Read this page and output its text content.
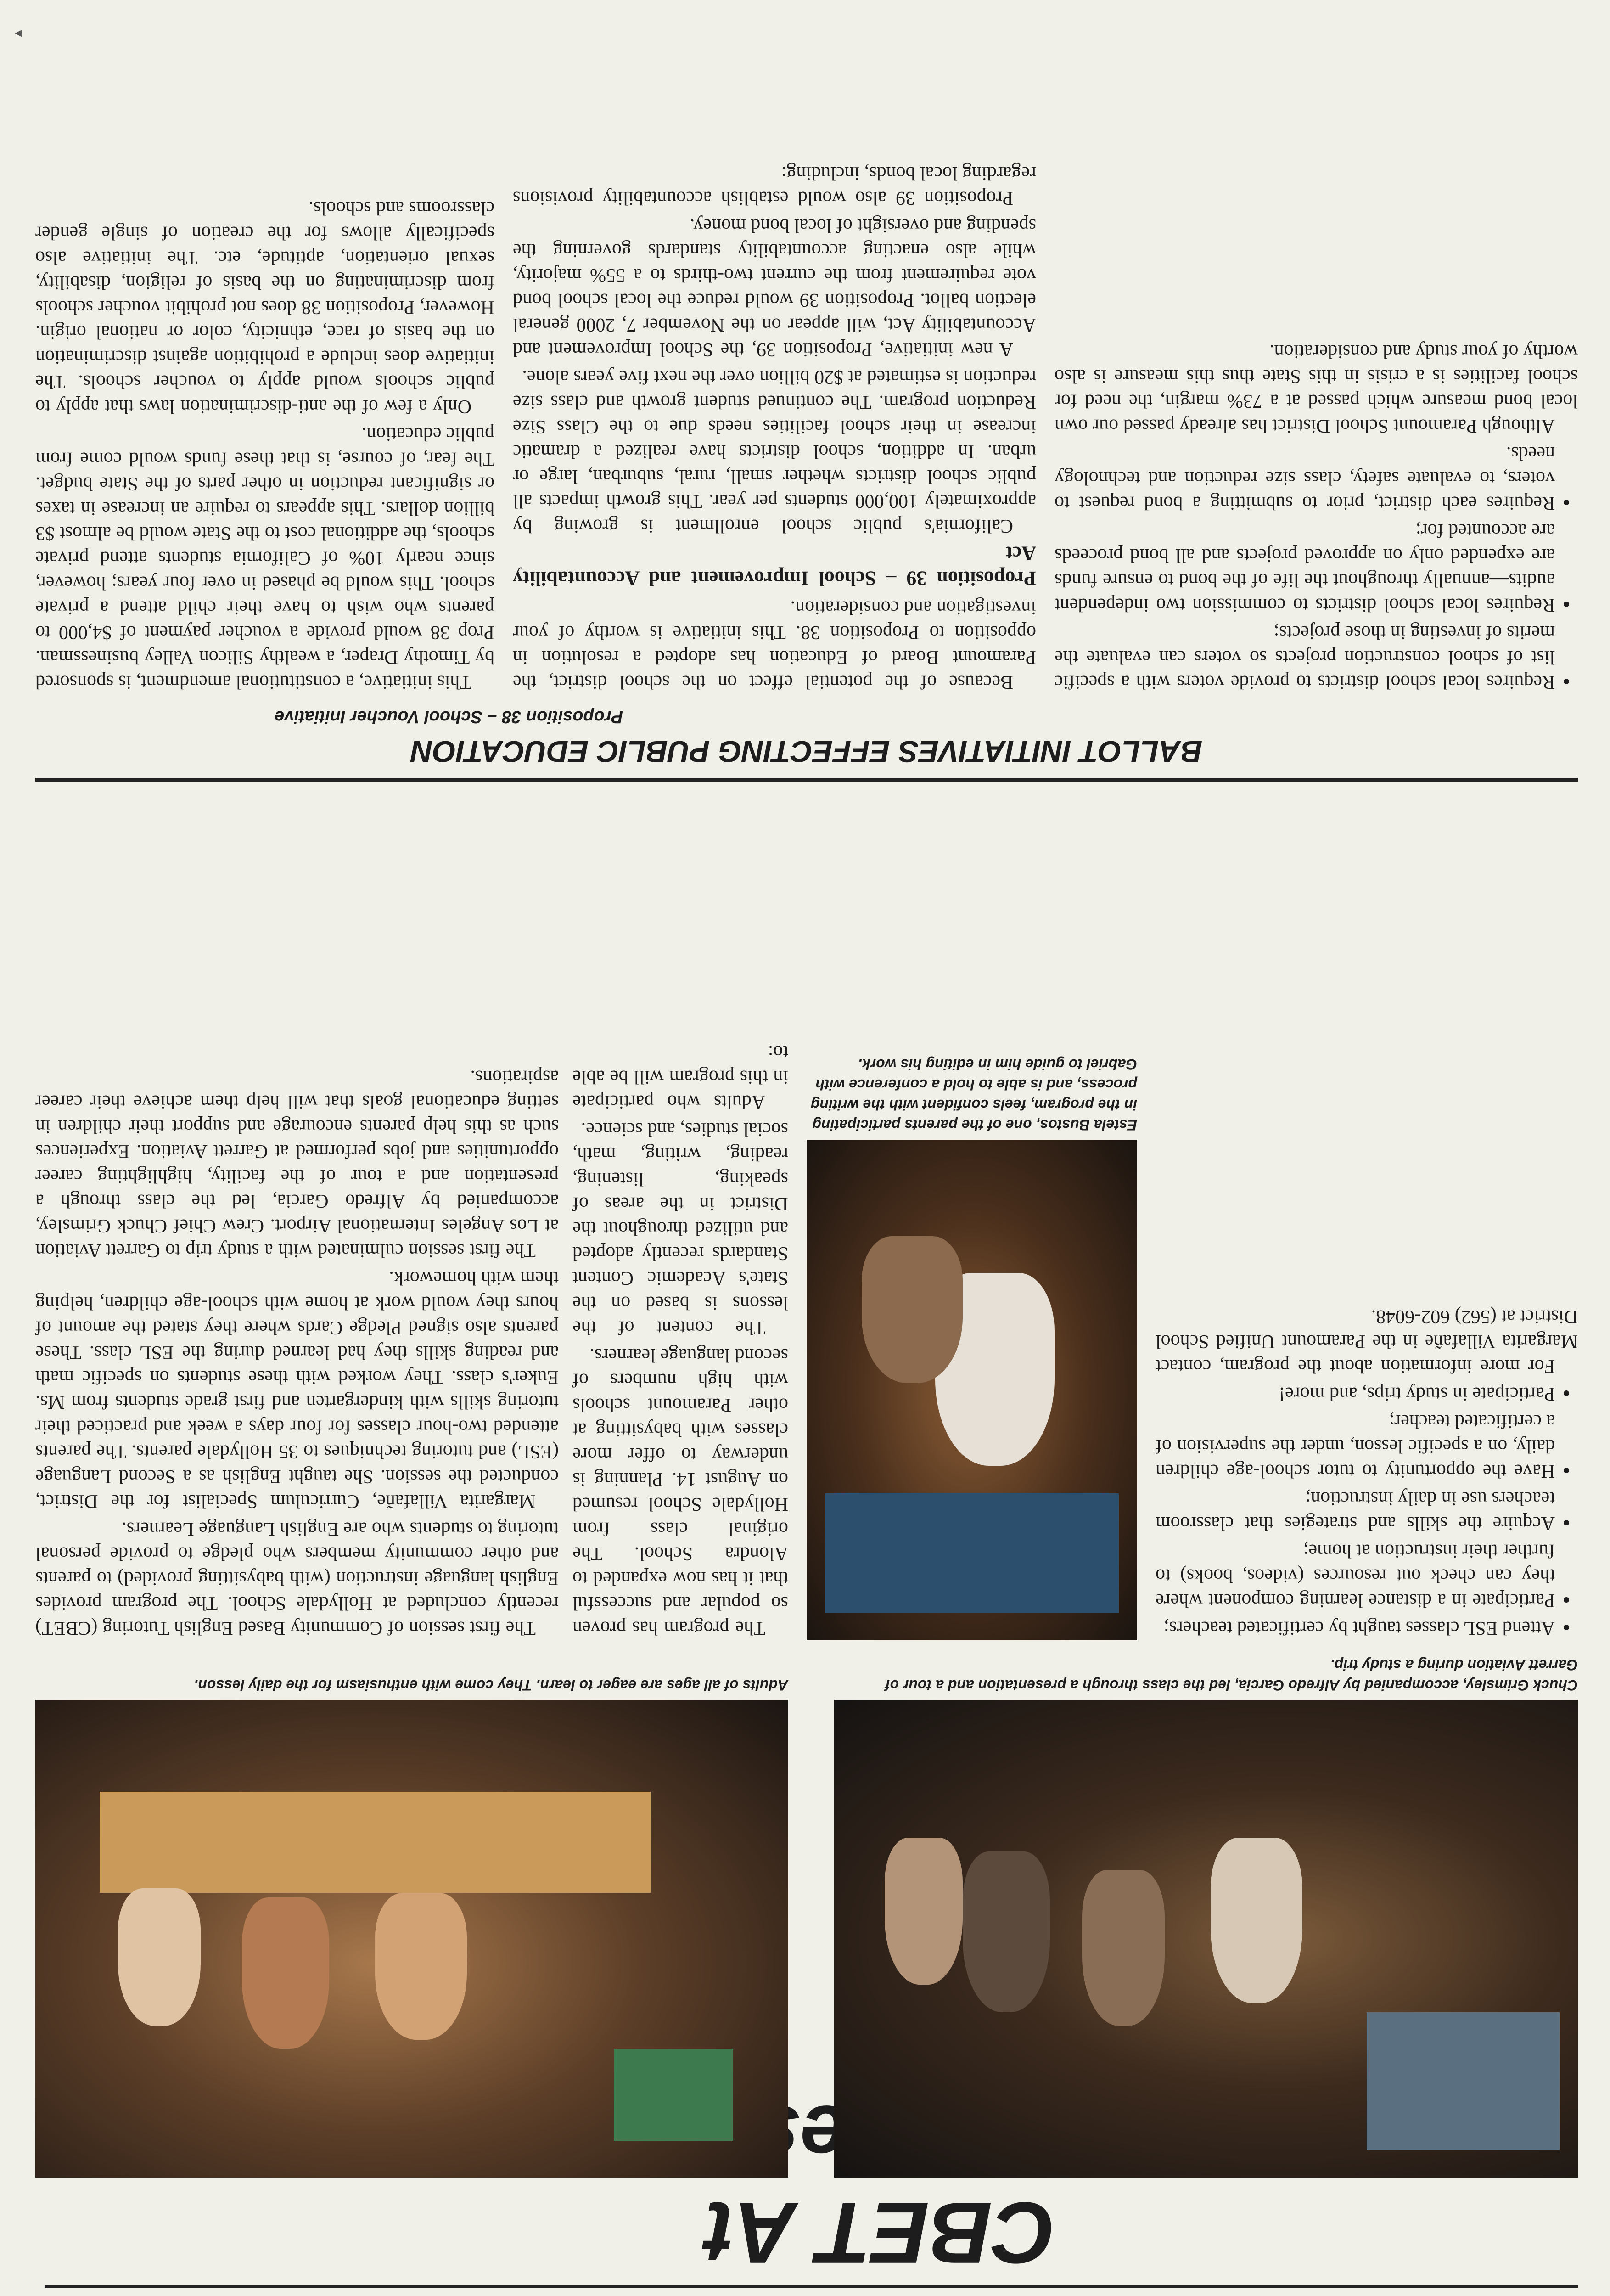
CBET At Best
Chuck Grimsley, accompanied by Alfredo Garcia, led the class through a presentation and a tour of Garrett Aviation during a study trip.
Adults of all ages are eager to learn. They come with enthusiasm for the daily lesson.

The first session of Community Based English Tutoring (CBET) recently concluded at Hollydale School. The program provides English language instruction (with babysitting provided) to parents and other community members who pledge to provide personal tutoring to students who are English Language Learners.

Margarita Villafañe, Curriculum Specialist for the District, conducted the session. She taught English as a Second Language (ESL) and tutoring techniques to 35 Hollydale parents. The parents attended two-hour classes for four days a week and practiced their tutoring skills with kindergarten and first grade students from Ms. Euker's class. They worked with these students on specific math and reading skills they had learned during the ESL class. These parents also signed Pledge Cards where they stated the amount of hours they would work at home with school-age children, helping them with homework.

The first session culminated with a study trip to Garrett Aviation at Los Angeles International Airport. Crew Chief Chuck Grimsley, accompanied by Alfredo Garcia, led the class through a presentation and a tour of the facility, highlighting career opportunities and jobs performed at Garrett Aviation. Experiences such as this help parents encourage and support their children in setting educational goals that will help them achieve their career aspirations.

The program has proven so popular and successful that it has now expanded to Alondra School. The original class from Hollydale School resumed on August 14. Planning is underway to offer more classes with babysitting at other Paramount schools with high numbers of second language learners.

The content of the lessons is based on the State's Academic Content Standards recently adopted and utilized throughout the District in the areas of speaking, listening, reading, writing, math, social studies, and science.

Adults who participate in this program will be able to:

Estela Bustos, one of the parents participating in the program, feels confident with the writing process, and is able to hold a conference with Gabriel to guide him in editing his work.
• Attend ESL classes taught by certificated teachers;
• Participate in a distance learning component where they can check out resources (videos, books) to further their instruction at home;
• Acquire the skills and strategies that classroom teachers use in daily instruction;
• Have the opportunity to tutor school-age children daily, on a specific lesson, under the supervision of a certificated teacher;
• Participate in study trips, and more!

For more information about the program, contact Margarita Villafañe in the Paramount Unified School District at (562) 602-6048.

BALLOT INITIATIVES EFFECTING PUBLIC EDUCATION
Proposition 38 – School Voucher Initiative

This initiative, a constitutional amendment, is sponsored by Timothy Draper, a wealthy Silicon Valley businessman. Prop 38 would provide a voucher payment of $4,000 to parents who wish to have their child attend a private school. This would be phased in over four years; however, since nearly 10% of California students attend private schools, the additional cost to the State would be almost $3 billion dollars. This appears to require an increase in taxes or significant reduction in other parts of the State budget. The fear, of course, is that these funds would come from public education.

Only a few of the anti-discrimination laws that apply to public schools would apply to voucher schools. The initiative does include a prohibition against discrimination on the basis of race, ethnicity, color or national origin. However, Proposition 38 does not prohibit voucher schools from discriminating on the basis of religion, disability, sexual orientation, aptitude, etc. The initiative also specifically allows for the creation of single gender classrooms and schools.

Because of the potential effect on the school district, the Paramount Board of Education has adopted a resolution in opposition to Proposition 38. This initiative is worthy of your investigation and consideration.

Proposition 39 – School Improvement and Accountability Act

California's public school enrollment is growing by approximately 100,000 students per year. This growth impacts all public school districts whether small, rural, suburban, large or urban. In addition, school districts have realized a dramatic increase in their school facilities needs due to the Class Size Reduction program. The continued student growth and class size reduction is estimated at $20 billion over the next five years alone.

A new initiative, Proposition 39, the School Improvement and Accountability Act, will appear on the November 7, 2000 general election ballot. Proposition 39 would reduce the local school bond vote requirement from the current two-thirds to a 55% majority, while also enacting accountability standards governing the spending and oversight of local bond money.

Proposition 39 also would establish accountability provisions regarding local bonds, including:

• Requires local school districts to provide voters with a specific list of school construction projects so voters can evaluate the merits of investing in those projects;
• Requires local school districts to commission two independent audits—annually throughout the life of the bond to ensure funds are expended only on approved projects and all bond proceeds are accounted for;
• Requires each district, prior to submitting a bond request to voters, to evaluate safety, class size reduction and technology needs.

Although Paramount School District has already passed our own local bond measure which passed at a 73% margin, the need for school facilities is a crisis in this State thus this measure is also worthy of your study and consideration.

▸
